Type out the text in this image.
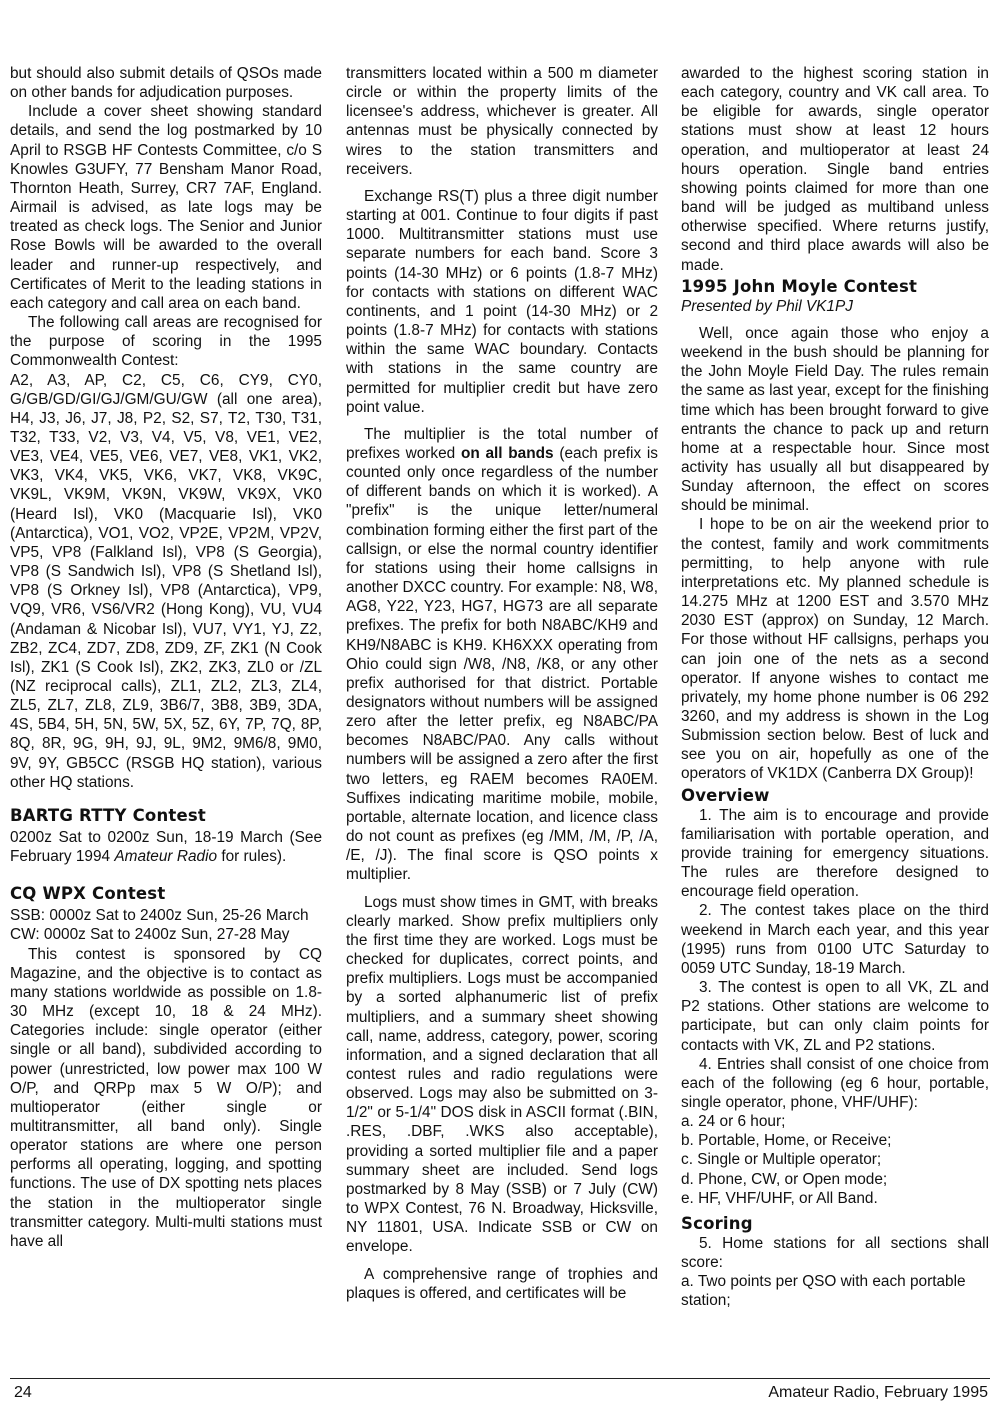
but should also submit details of QSOs made on other bands for adjudication purposes.

Include a cover sheet showing standard details, and send the log postmarked by 10 April to RSGB HF Contests Committee, c/o S Knowles G3UFY, 77 Bensham Manor Road, Thornton Heath, Surrey, CR7 7AF, England. Airmail is advised, as late logs may be treated as check logs. The Senior and Junior Rose Bowls will be awarded to the overall leader and runner-up respectively, and Certificates of Merit to the leading stations in each category and call area on each band.

The following call areas are recognised for the purpose of scoring in the 1995 Commonwealth Contest:

A2, A3, AP, C2, C5, C6, CY9, CY0, G/GB/GD/GI/GJ/GM/GU/GW (all one area), H4, J3, J6, J7, J8, P2, S2, S7, T2, T30, T31, T32, T33, V2, V3, V4, V5, V8, VE1, VE2, VE3, VE4, VE5, VE6, VE7, VE8, VK1, VK2, VK3, VK4, VK5, VK6, VK7, VK8, VK9C, VK9L, VK9M, VK9N, VK9W, VK9X, VK0 (Heard Isl), VK0 (Macquarie Isl), VK0 (Antarctica), VO1, VO2, VP2E, VP2M, VP2V, VP5, VP8 (Falkland Isl), VP8 (S Georgia), VP8 (S Sandwich Isl), VP8 (S Shetland Isl), VP8 (S Orkney Isl), VP8 (Antarctica), VP9, VQ9, VR6, VS6/VR2 (Hong Kong), VU, VU4 (Andaman & Nicobar Isl), VU7, VY1, YJ, Z2, ZB2, ZC4, ZD7, ZD8, ZD9, ZF, ZK1 (N Cook Isl), ZK1 (S Cook Isl), ZK2, ZK3, ZL0 or /ZL (NZ reciprocal calls), ZL1, ZL2, ZL3, ZL4, ZL5, ZL7, ZL8, ZL9, 3B6/7, 3B8, 3B9, 3DA, 4S, 5B4, 5H, 5N, 5W, 5X, 5Z, 6Y, 7P, 7Q, 8P, 8Q, 8R, 9G, 9H, 9J, 9L, 9M2, 9M6/8, 9M0, 9V, 9Y, GB5CC (RSGB HQ station), various other HQ stations.

BARTG RTTY Contest

0200z Sat to 0200z Sun, 18-19 March (See February 1994 Amateur Radio for rules).

CQ WPX Contest

SSB: 0000z Sat to 2400z Sun, 25-26 March

CW: 0000z Sat to 2400z Sun, 27-28 May

This contest is sponsored by CQ Magazine, and the objective is to contact as many stations worldwide as possible on 1.8-30 MHz (except 10, 18 & 24 MHz). Categories include: single operator (either single or all band), subdivided according to power (unrestricted, low power max 100 W O/P, and QRPp max 5 W O/P); and multioperator (either single or multitransmitter, all band only). Single operator stations are where one person performs all operating, logging, and spotting functions. The use of DX spotting nets places the station in the multioperator single transmitter category. Multi-multi stations must have all

transmitters located within a 500 m diameter circle or within the property limits of the licensee's address, whichever is greater. All antennas must be physically connected by wires to the station transmitters and receivers.

Exchange RS(T) plus a three digit number starting at 001. Continue to four digits if past 1000. Multitransmitter stations must use separate numbers for each band. Score 3 points (14-30 MHz) or 6 points (1.8-7 MHz) for contacts with stations on different WAC continents, and 1 point (14-30 MHz) or 2 points (1.8-7 MHz) for contacts with stations within the same WAC boundary. Contacts with stations in the same country are permitted for multiplier credit but have zero point value.

The multiplier is the total number of prefixes worked on all bands (each prefix is counted only once regardless of the number of different bands on which it is worked). A "prefix" is the unique letter/numeral combination forming either the first part of the callsign, or else the normal country identifier for stations using their home callsigns in another DXCC country. For example: N8, W8, AG8, Y22, Y23, HG7, HG73 are all separate prefixes. The prefix for both N8ABC/KH9 and KH9/N8ABC is KH9. KH6XXX operating from Ohio could sign /W8, /N8, /K8, or any other prefix authorised for that district. Portable designators without numbers will be assigned zero after the letter prefix, eg N8ABC/PA becomes N8ABC/PA0. Any calls without numbers will be assigned a zero after the first two letters, eg RAEM becomes RA0EM. Suffixes indicating maritime mobile, mobile, portable, alternate location, and licence class do not count as prefixes (eg /MM, /M, /P, /A, /E, /J). The final score is QSO points x multiplier.

Logs must show times in GMT, with breaks clearly marked. Show prefix multipliers only the first time they are worked. Logs must be checked for duplicates, correct points, and prefix multipliers. Logs must be accompanied by a sorted alphanumeric list of prefix multipliers, and a summary sheet showing call, name, address, category, power, scoring information, and a signed declaration that all contest rules and radio regulations were observed. Logs may also be submitted on 3-1/2" or 5-1/4" DOS disk in ASCII format (.BIN, .RES, .DBF, .WKS also acceptable), providing a sorted multiplier file and a paper summary sheet are included. Send logs postmarked by 8 May (SSB) or 7 July (CW) to WPX Contest, 76 N. Broadway, Hicksville, NY 11801, USA. Indicate SSB or CW on envelope.

A comprehensive range of trophies and plaques is offered, and certificates will be

awarded to the highest scoring station in each category, country and VK call area. To be eligible for awards, single operator stations must show at least 12 hours operation, and multioperator at least 24 hours operation. Single band entries showing points claimed for more than one band will be judged as multiband unless otherwise specified. Where returns justify, second and third place awards will also be made.

1995 John Moyle Contest

Presented by Phil VK1PJ

Well, once again those who enjoy a weekend in the bush should be planning for the John Moyle Field Day. The rules remain the same as last year, except for the finishing time which has been brought forward to give entrants the chance to pack up and return home at a respectable hour. Since most activity has usually all but disappeared by Sunday afternoon, the effect on scores should be minimal.

I hope to be on air the weekend prior to the contest, family and work commitments permitting, to help anyone with rule interpretations etc. My planned schedule is 14.275 MHz at 1200 EST and 3.570 MHz 2030 EST (approx) on Sunday, 12 March. For those without HF callsigns, perhaps you can join one of the nets as a second operator. If anyone wishes to contact me privately, my home phone number is 06 292 3260, and my address is shown in the Log Submission section below. Best of luck and see you on air, hopefully as one of the operators of VK1DX (Canberra DX Group)!

Overview

1. The aim is to encourage and provide familiarisation with portable operation, and provide training for emergency situations. The rules are therefore designed to encourage field operation.

2. The contest takes place on the third weekend in March each year, and this year (1995) runs from 0100 UTC Saturday to 0059 UTC Sunday, 18-19 March.

3. The contest is open to all VK, ZL and P2 stations. Other stations are welcome to participate, but can only claim points for contacts with VK, ZL and P2 stations.

4. Entries shall consist of one choice from each of the following (eg 6 hour, portable, single operator, phone, VHF/UHF):

a. 24 or 6 hour;

b. Portable, Home, or Receive;

c. Single or Multiple operator;

d. Phone, CW, or Open mode;

e. HF, VHF/UHF, or All Band.

Scoring

5. Home stations for all sections shall score:

a. Two points per QSO with each portable station;

24	Amateur Radio, February 1995
